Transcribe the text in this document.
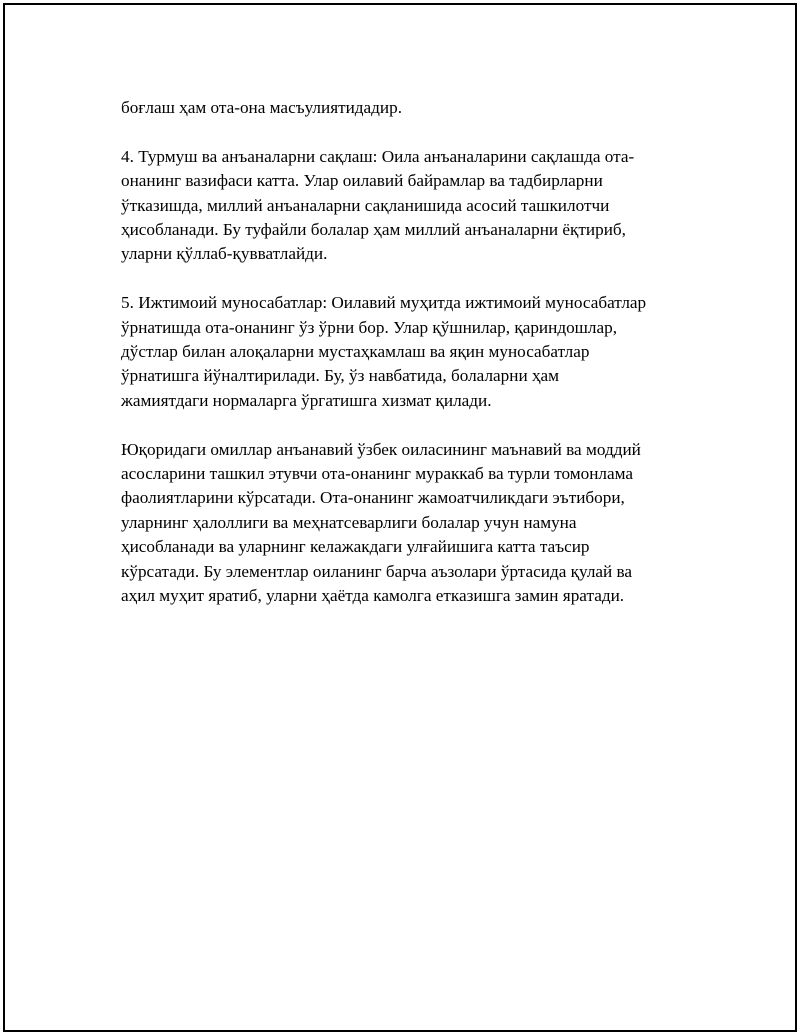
боғлаш ҳам ота-она масъулиятидадир.

4. Турмуш ва анъаналарни сақлаш: Оила анъаналарини сақлашда ота-
онанинг вазифаси катта. Улар оилавий байрамлар ва тадбирларни
ўтказишда, миллий анъаналарни сақланишида асосий ташкилотчи
ҳисобланади. Бу туфайли болалар ҳам миллий анъаналарни ёқтириб,
уларни қўллаб-қувватлайди.

5. Ижтимоий муносабатлар: Оилавий муҳитда ижтимоий муносабатлар
ўрнатишда ота-онанинг ўз ўрни бор. Улар қўшнилар, қариндошлар,
дўстлар билан алоқаларни мустаҳкамлаш ва яқин муносабатлар
ўрнатишга йўналтирилади. Бу, ўз навбатида, болаларни ҳам
жамиятдаги нормаларга ўргатишга хизмат қилади.

Юқоридаги омиллар анъанавий ўзбек оиласининг маънавий ва моддий
асосларини ташкил этувчи ота-онанинг мураккаб ва турли томонлама
фаолиятларини кўрсатади. Ота-онанинг жамоатчиликдаги эътибори,
уларнинг ҳалоллиги ва меҳнатсеварлиги болалар учун намуна
ҳисобланади ва уларнинг келажакдаги улғайишига катта таъсир
кўрсатади. Бу элементлар оиланинг барча аъзолари ўртасида қулай ва
аҳил муҳит яратиб, уларни ҳаётда камолга етказишга замин яратади.
